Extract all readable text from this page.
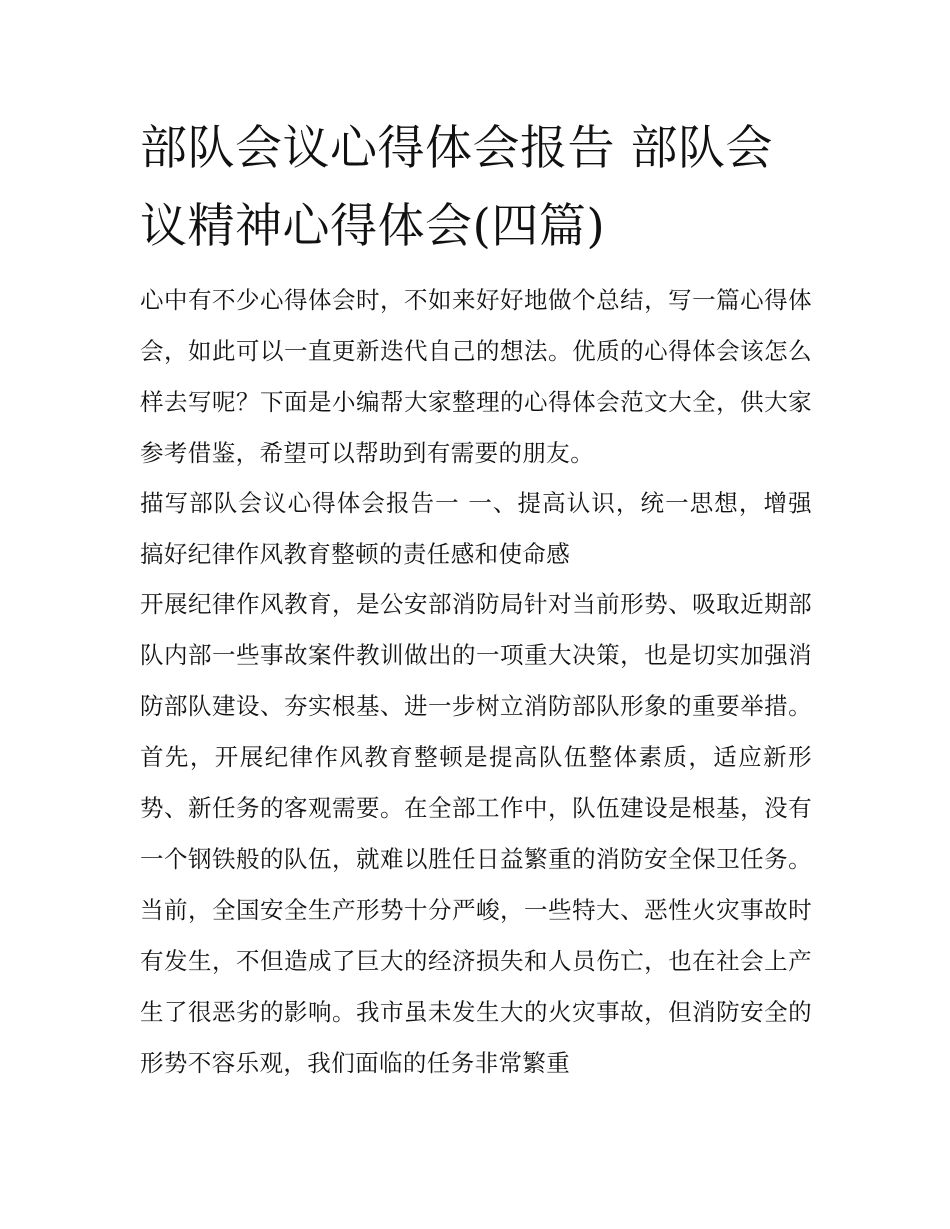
部队会议心得体会报告 部队会议精神心得体会(四篇)

心中有不少心得体会时，不如来好好地做个总结，写一篇心得体会，如此可以一直更新迭代自己的想法。优质的心得体会该怎么样去写呢？下面是小编帮大家整理的心得体会范文大全，供大家参考借鉴，希望可以帮助到有需要的朋友。

描写部队会议心得体会报告一 一、提高认识，统一思想，增强搞好纪律作风教育整顿的责任感和使命感

开展纪律作风教育，是公安部消防局针对当前形势、吸取近期部队内部一些事故案件教训做出的一项重大决策，也是切实加强消防部队建设、夯实根基、进一步树立消防部队形象的重要举措。首先，开展纪律作风教育整顿是提高队伍整体素质，适应新形势、新任务的客观需要。在全部工作中，队伍建设是根基，没有一个钢铁般的队伍，就难以胜任日益繁重的消防安全保卫任务。当前，全国安全生产形势十分严峻，一些特大、恶性火灾事故时有发生，不但造成了巨大的经济损失和人员伤亡，也在社会上产生了很恶劣的影响。我市虽未发生大的火灾事故，但消防安全的形势不容乐观，我们面临的任务非常繁重
